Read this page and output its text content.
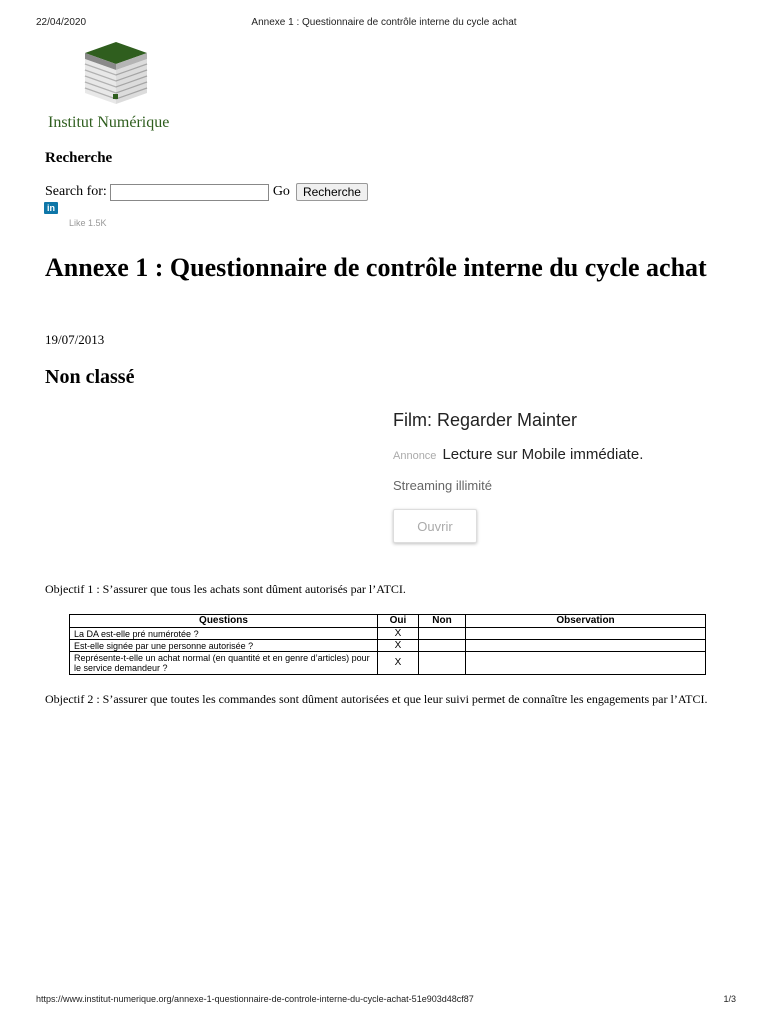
22/04/2020	Annexe 1 : Questionnaire de contrôle interne du cycle achat
Institut Numérique
Recherche
Search for:	Go	Recherche
in
Like 1.5K
Annexe 1 : Questionnaire de contrôle interne du cycle achat
19/07/2013
Non classé
Film: Regarder Mainter
Annonce Lecture sur Mobile immédiate.
Streaming illimité
Ouvrir
Objectif 1 : S’assurer que tous les achats sont dûment autorisés par l’ATCI.
Questions	Oui	Non	Observation
La DA est-elle pré numérotée ?	X		
Est-elle signée par une personne autorisée ?	X		
Représente-t-elle un achat normal (en quantité et en genre d’articles) pour le service demandeur ?	X		
Objectif 2 : S’assurer que toutes les commandes sont dûment autorisées et que leur suivi permet de connaître les engagements par l’ATCI.
https://www.institut-numerique.org/annexe-1-questionnaire-de-controle-interne-du-cycle-achat-51e903d48cf87	1/3
